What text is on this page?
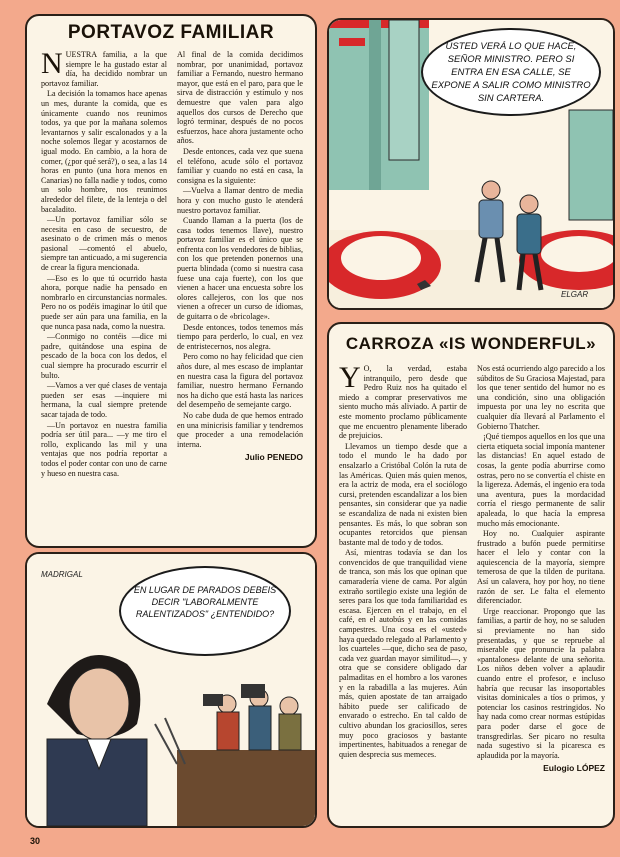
PORTAVOZ FAMILIAR

NUESTRA familia, a la que siempre le ha gustado estar al día, ha decidido nombrar un portavoz familiar.

La decisión la tomamos hace apenas un mes, durante la comida, que es únicamente cuando nos reunimos todos, ya que por la mañana solemos levantarnos y salir escalonados y a la noche solemos llegar y acostarnos de igual modo. En cambio, a la hora de comer, (¿por qué será?), o sea, a las 14 horas en punto (una hora menos en Canarias) no falla nadie y todos, como un solo hombre, nos reunimos alrededor del filete, de la lenteja o del bacaladito.

—Un portavoz familiar sólo se necesita en caso de secuestro, de asesinato o de crimen más o menos pasional —comentó el abuelo, siempre tan anticuado, a mi sugerencia de crear la figura mencionada.

—Eso es lo que tú ocurrido hasta ahora, porque nadie ha pensado en nombrarlo en circunstancias normales. Pero no os podéis imaginar lo útil que puede ser aún para una familia, en la que nunca pasa nada, como la nuestra.

—Conmigo no contéis —dice mi padre, quitándose una espina de pescado de la boca con los dedos, el cual siempre ha procurado escurrir el bulto.

—Vamos a ver qué clases de ventaja pueden ser esas —inquiere mi hermana, la cual siempre pretende sacar tajada de todo.

—Un portavoz en nuestra familia podría ser útil para... —y me tiro el rollo, explicando las mil y una ventajas que nos podría reportar a todos el poder contar con uno de carne y hueso en nuestra casa.

Al final de la comida decidimos nombrar, por unanimidad, portavoz familiar a Fernando, nuestro hermano mayor, que está en el paro, para que le sirva de distracción y estímulo y nos demuestre que valen para algo aquellos dos cursos de Derecho que logró terminar, después de no pocos esfuerzos, hace ahora justamente ocho años.

Desde entonces, cada vez que suena el teléfono, acude sólo el portavoz familiar y cuando no está en casa, la consigna es la siguiente:

—Vuelva a llamar dentro de media hora y con mucho gusto le atenderá nuestro portavoz familiar.

Cuando llaman a la puerta (los de casa todos tenemos llave), nuestro portavoz familiar es el único que se enfrenta con los vendedores de biblias, con los que pretenden ponernos una puerta blindada (como si nuestra casa fuese una caja fuerte), con los que vienen a hacer una encuesta sobre los olores callejeros, con los que nos vienen a ofrecer un curso de idiomas, de guitarra o de «bricolage».

Desde entonces, todos tenemos más tiempo para perderlo, lo cual, en vez de entristecernos, nos alegra.

Pero como no hay felicidad que cien años dure, al mes escaso de implantar en nuestra casa la figura del portavoz familiar, nuestro hermano Fernando nos ha dicho que está hasta las narices del desempeño de semejante cargo.

No cabe duda de que hemos entrado en una minicrisis familiar y tendremos que proceder a una remodelación interna.

Julio PENEDO
USTED VERÁ LO QUE HACE, SEÑOR MINISTRO. PERO SI ENTRA EN ESA CALLE, SE EXPONE A SALIR COMO MINISTRO SIN CARTERA.
ELGAR
CARROZA «IS WONDERFUL»

Y O, la verdad, estaba intranquilo, pero desde que Pedro Ruiz nos ha quitado el miedo a comprar preservativos me siento mucho más aliviado. A partir de este momento proclamo públicamente que me encuentro plenamente liberado de prejuicios.

Llevamos un tiempo desde que a todo el mundo le ha dado por ensalzarlo a Cristóbal Colón la ruta de las Américas. Quien más quien menos, era la actriz de moda, era el sociólogo cursi, pretenden escandalizar a los bien pensantes, sin considerar que ya nadie se escandaliza de nada ni existen bien pensantes. Es más, lo que sobran son ocupantes retorcidos que piensan bastante mal de todo y de todos.

Así, mientras todavía se dan los convencidos de que tranquilidad viene de tranca, son más los que opinan que camaradería viene de cama. Por algún extraño sortilegio existe una legión de seres para los que toda familiaridad es escasa. Ejercen en el trabajo, en el café, en el autobús y en las comidas campestres. Una cosa es el «usted» haya quedado relegado al Parlamento y los cuarteles —que, dicho sea de paso, cada vez guardan mayor similitud—, y otra que se considere obligado dar palmaditas en el hombro a los varones y en la rabadilla a las mujeres. Aún más, quien apostate de tan arraigado hábito puede ser calificado de envarado o estrecho. En tal caldo de cultivo abundan los graciosillos, seres muy poco graciosos y bastante impertinentes, habituados a renegar de quien desprecia sus memeces.

Nos está ocurriendo algo parecido a los súbditos de Su Graciosa Majestad, para los que tener sentido del humor no es una condición, sino una obligación impuesta por una ley no escrita que cualquier día llevará al Parlamento el Gobierno Thatcher.

¡Qué tiempos aquellos en los que una cierta etiqueta social imponía mantener las distancias! En aquel estado de cosas, la gente podía aburrirse como ostras, pero no se convertía el chiste en la ligereza. Además, el ingenio era toda una aventura, pues la mordacidad corría el riesgo permanente de salir apaleada, lo que hacía la empresa mucho más emocionante.

Hoy no. Cualquier aspirante frustrado a bufón puede permitirse hacer el lelo y contar con la aquiescencia de la mayoría, siempre temerosa de que la tilden de puritana. Así un calavera, hoy por hoy, no tiene razón de ser. Le falta el elemento diferenciador.

Urge reaccionar. Propongo que las familias, a partir de hoy, no se saluden si previamente no han sido presentadas, y que se repruebe al miserable que pronuncie la palabra «pantalones» delante de una señorita. Los niños deben volver a aplaudir cuando entre el profesor, e incluso habría que recusar las insoportables visitas dominicales a tíos o primos, y potenciar los casinos restringidos. No hay nada como crear normas estúpidas para poder darse el goce de transgredirlas. Ser picaro no resulta nada sugestivo si la picaresca es aplaudida por la mayoría.

Eulogio LÓPEZ
EN LUGAR DE PARADOS DEBEIS DECIR "LABORALMENTE RALENTIZADOS" ¿ENTENDIDO?
MADRIGAL
30
